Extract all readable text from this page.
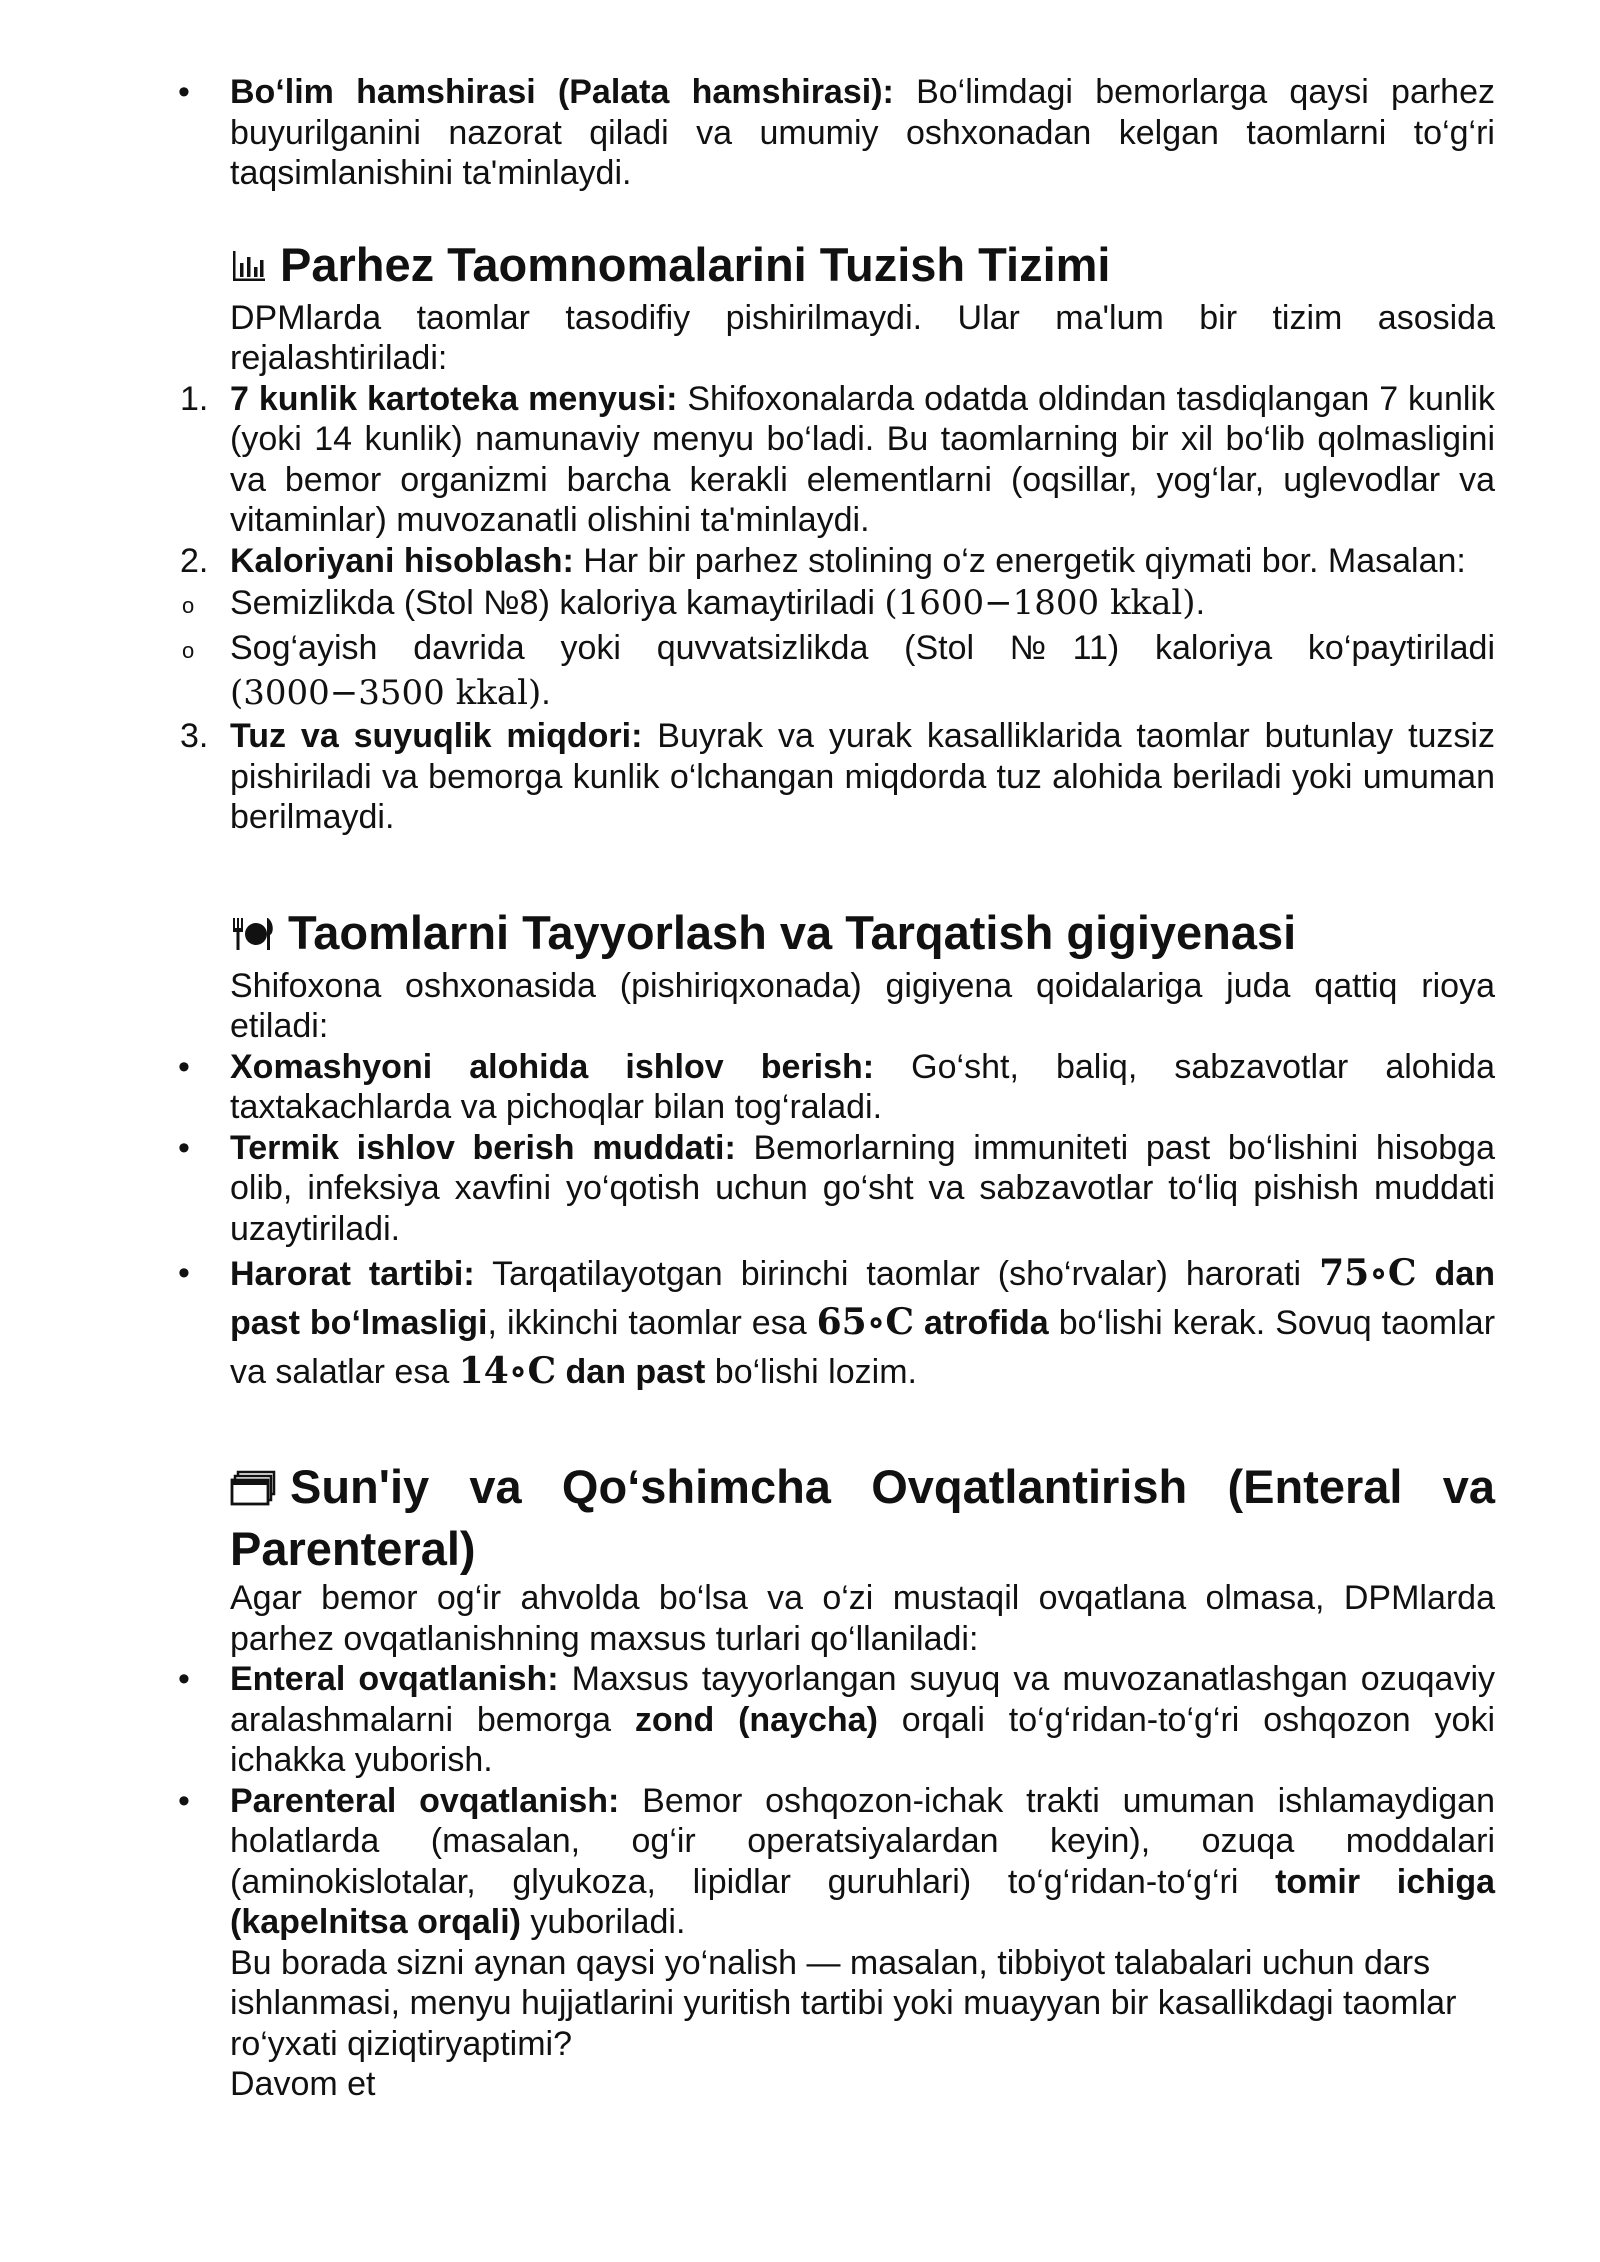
• Bo‘lim hamshirasi (Palata hamshirasi): Bo‘limdagi bemorlarga qaysi parhez buyurilganini nazorat qiladi va umumiy oshxonadan kelgan taomlarni to‘g‘ri taqsimlanishini ta'minlaydi.
Parhez Taomnomalarini Tuzish Tizimi

DPMlarda taomlar tasodifiy pishirilmaydi. Ular ma'lum bir tizim asosida rejalashtiriladi:

1. 7 kunlik kartoteka menyusi: Shifoxonalarda odatda oldindan tasdiqlangan 7 kunlik (yoki 14 kunlik) namunaviy menyu bo‘ladi. Bu taomlarning bir xil bo‘lib qolmasligini va bemor organizmi barcha kerakli elementlarni (oqsillar, yog‘lar, uglevodlar va vitaminlar) muvozanatli olishini ta'minlaydi.
2. Kaloriyani hisoblash: Har bir parhez stolining o‘z energetik qiymati bor. Masalan:
o Semizlikda (Stol №8) kaloriya kamaytiriladi (1600−1800 kkal).
o Sog‘ayish davrida yoki quvvatsizlikda (Stol №11) kaloriya ko‘paytiriladi (3000−3500 kkal).
3. Tuz va suyuqlik miqdori: Buyrak va yurak kasalliklarida taomlar butunlay tuzsiz pishiriladi va bemorga kunlik o‘lchangan miqdorda tuz alohida beriladi yoki umuman berilmaydi.
Taomlarni Tayyorlash va Tarqatish gigiyenasi

Shifoxona oshxonasida (pishiriqxonada) gigiyena qoidalariga juda qattiq rioya etiladi:

• Xomashyoni alohida ishlov berish: Go‘sht, baliq, sabzavotlar alohida taxtakachlarda va pichoqlar bilan tog‘raladi.
• Termik ishlov berish muddati: Bemorlarning immuniteti past bo‘lishini hisobga olib, infeksiya xavfini yo‘qotish uchun go‘sht va sabzavotlar to‘liq pishish muddati uzaytiriladi.
• Harorat tartibi: Tarqatilayotgan birinchi taomlar (sho‘rvalar) harorati 75∘C dan past bo‘lmasligi, ikkinchi taomlar esa 65∘C atrofida bo‘lishi kerak. Sovuq taomlar va salatlar esa 14∘C dan past bo‘lishi lozim.
Sun'iy va Qo‘shimcha Ovqatlantirish (Enteral va Parenteral)

Agar bemor og‘ir ahvolda bo‘lsa va o‘zi mustaqil ovqatlana olmasa, DPMlarda parhez ovqatlanishning maxsus turlari qo‘llaniladi:

• Enteral ovqatlanish: Maxsus tayyorlangan suyuq va muvozanatlashgan ozuqaviy aralashmalarni bemorga zond (naycha) orqali to‘g‘ridan-to‘g‘ri oshqozon yoki ichakka yuborish.
• Parenteral ovqatlanish: Bemor oshqozon-ichak trakti umuman ishlamaydigan holatlarda (masalan, og‘ir operatsiyalardan keyin), ozuqa moddalari (aminokislotalar, glyukoza, lipidlar guruhlari) to‘g‘ridan-to‘g‘ri tomir ichiga (kapelnitsa orqali) yuboriladi.

Bu borada sizni aynan qaysi yo‘nalish — masalan, tibbiyot talabalari uchun dars ishlanmasi, menyu hujjatlarini yuritish tartibi yoki muayyan bir kasallikdagi taomlar ro‘yxati qiziqtiryaptimi?

Davom et
